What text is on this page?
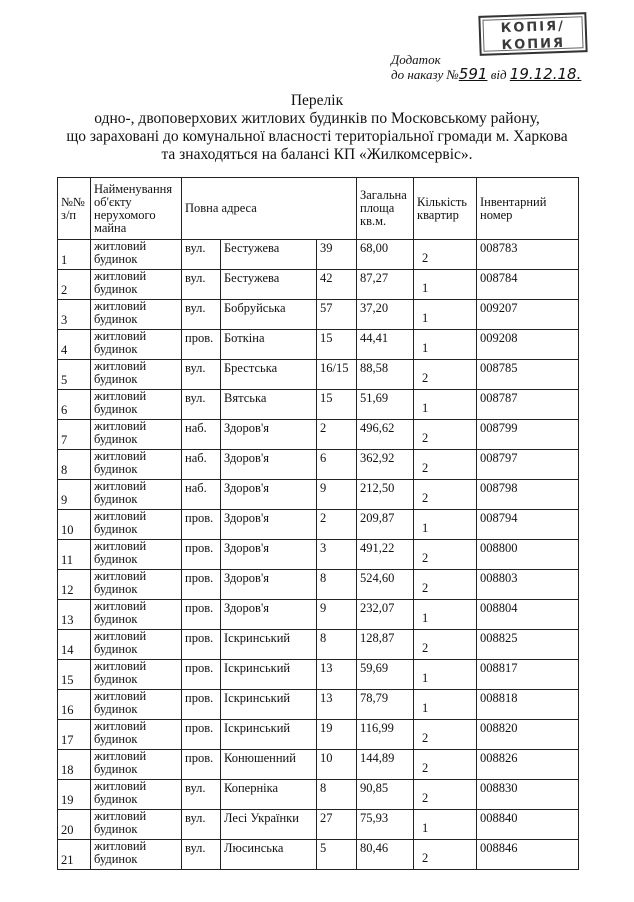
КОПІЯ/
КОПИЯ
Додаток
до наказу №591 від 19.12.18.
Перелік
одно-, двоповерхових житлових будинків по Московському району,
що зараховані до комунальної власності територіальної громади м. Харкова
та знаходяться на балансі КП «Жилкомсервіс».
№№ з/п	Найменування об'єкту нерухомого майна	Повна адреса			Загальна площа кв.м.	Кількість квартир	Інвентарний номер
1	житловий будинок	вул.	Бестужева	39	68,00	2	008783
2	житловий будинок	вул.	Бестужева	42	87,27	1	008784
3	житловий будинок	вул.	Бобруйська	57	37,20	1	009207
4	житловий будинок	пров.	Боткіна	15	44,41	1	009208
5	житловий будинок	вул.	Брестська	16/15	88,58	2	008785
6	житловий будинок	вул.	Вятська	15	51,69	1	008787
7	житловий будинок	наб.	Здоров'я	2	496,62	2	008799
8	житловий будинок	наб.	Здоров'я	6	362,92	2	008797
9	житловий будинок	наб.	Здоров'я	9	212,50	2	008798
10	житловий будинок	пров.	Здоров'я	2	209,87	1	008794
11	житловий будинок	пров.	Здоров'я	3	491,22	2	008800
12	житловий будинок	пров.	Здоров'я	8	524,60	2	008803
13	житловий будинок	пров.	Здоров'я	9	232,07	1	008804
14	житловий будинок	пров.	Іскринський	8	128,87	2	008825
15	житловий будинок	пров.	Іскринський	13	59,69	1	008817
16	житловий будинок	пров.	Іскринський	13	78,79	1	008818
17	житловий будинок	пров.	Іскринський	19	116,99	2	008820
18	житловий будинок	пров.	Конюшенний	10	144,89	2	008826
19	житловий будинок	вул.	Коперніка	8	90,85	2	008830
20	житловий будинок	вул.	Лесі Українки	27	75,93	1	008840
21	житловий будинок	вул.	Люсинська	5	80,46	2	008846
